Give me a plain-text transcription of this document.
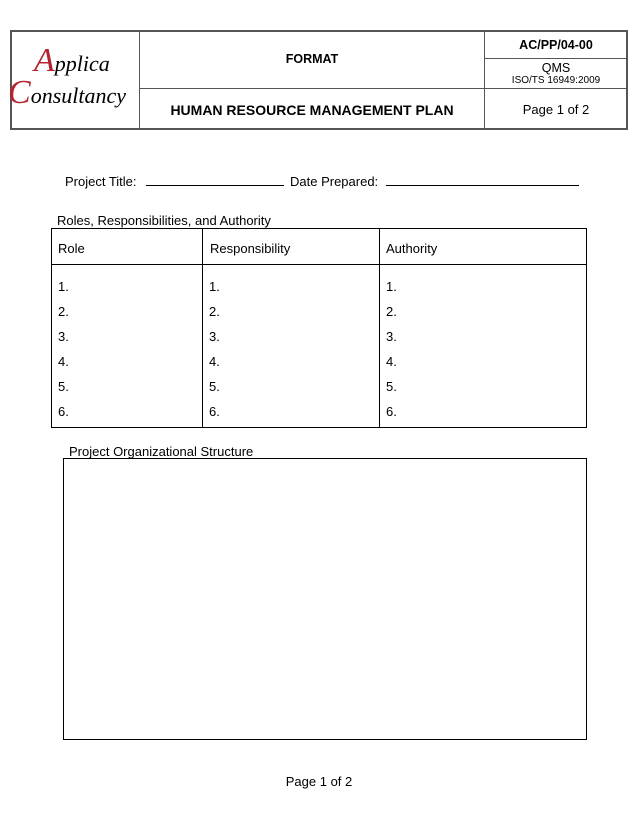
Applica
Consultancy
FORMAT
AC/PP/04-00
QMS
ISO/TS 16949:2009
HUMAN RESOURCE MANAGEMENT PLAN	Page 1 of 2
Project Title:	Date Prepared:
Roles, Responsibilities, and Authority
Role	Responsibility	Authority
1.	1.	1.
2.	2.	2.
3.	3.	3.
4.	4.	4.
5.	5.	5.
6.	6.	6.
Project Organizational Structure
Page 1 of 2
